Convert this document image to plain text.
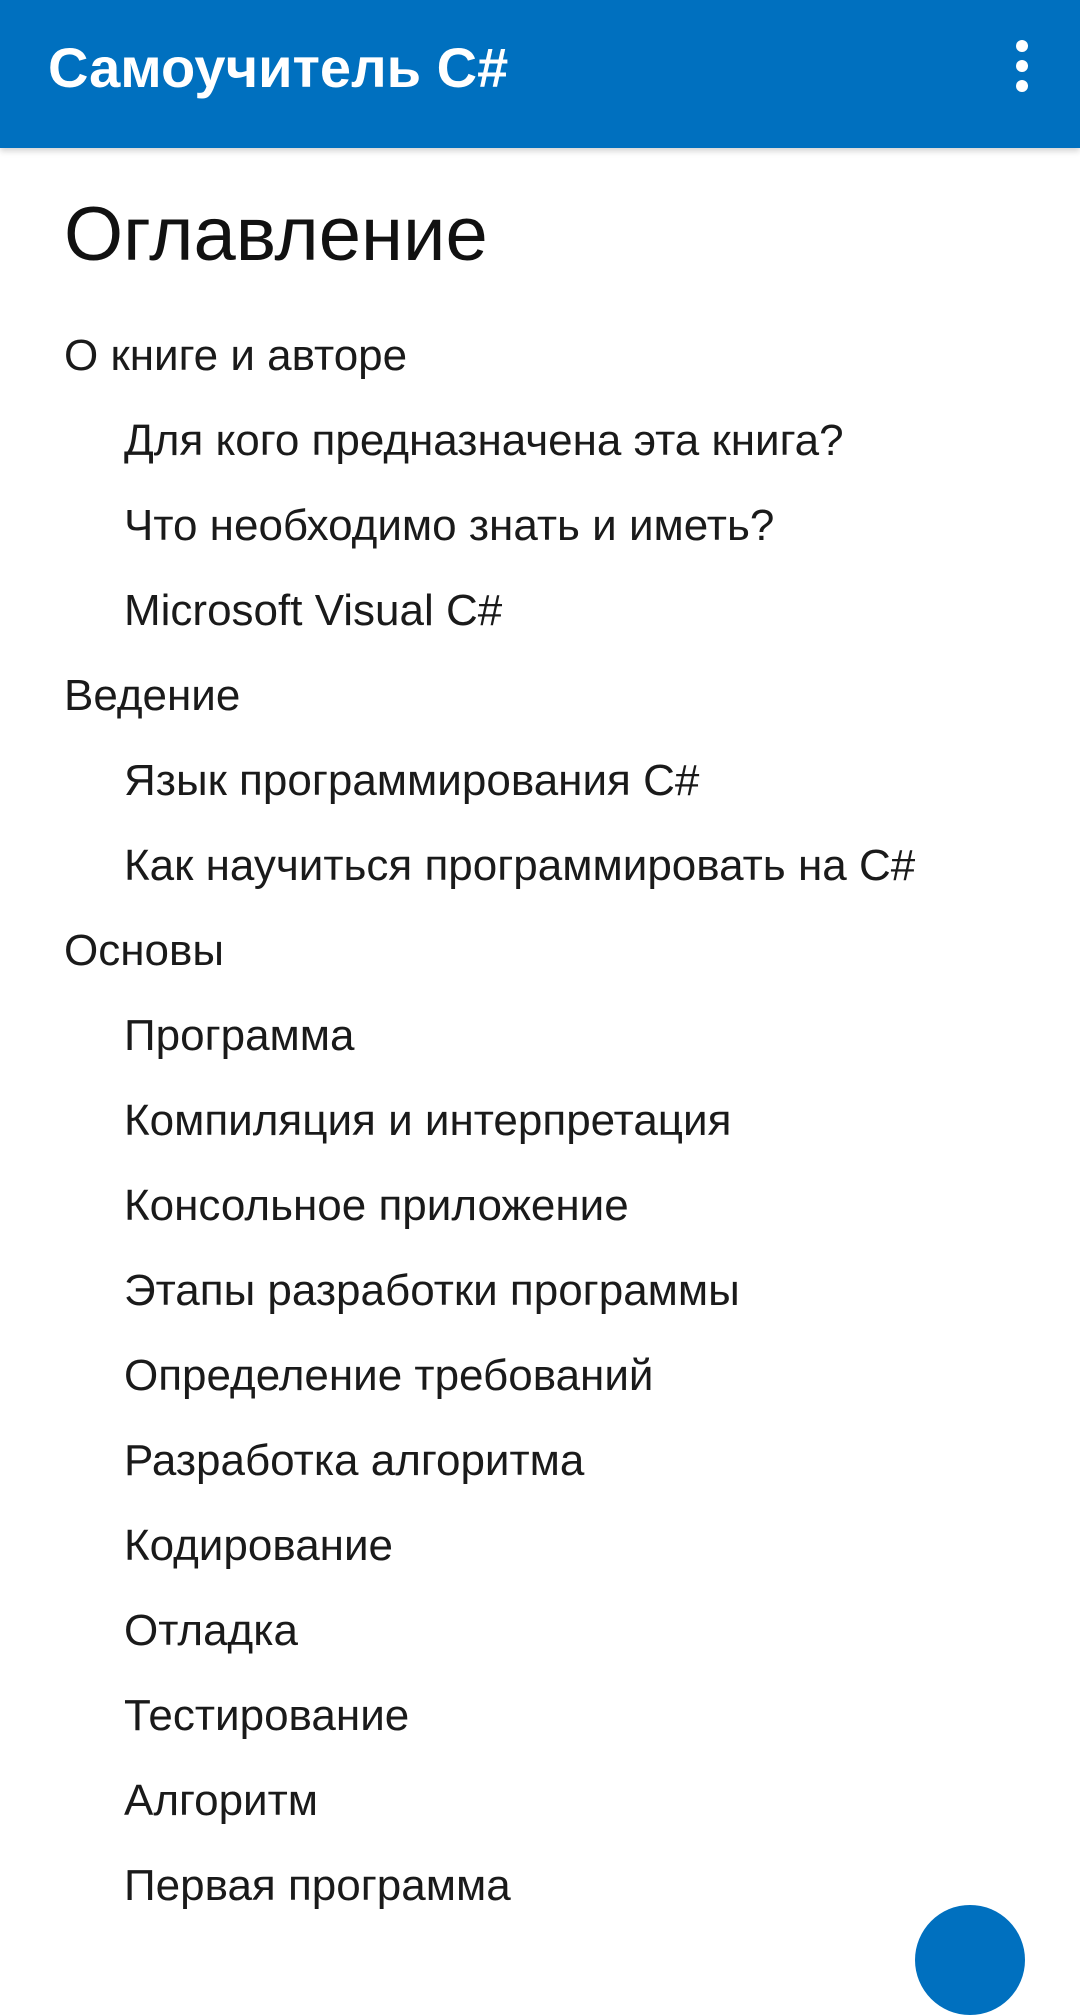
Самоучитель C#
Оглавление
О книге и авторе
Для кого предназначена эта книга?
Что необходимо знать и иметь?
Microsoft Visual C#
Ведение
Язык программирования C#
Как научиться программировать на C#
Основы
Программа
Компиляция и интерпретация
Консольное приложение
Этапы разработки программы
Определение требований
Разработка алгоритма
Кодирование
Отладка
Тестирование
Алгоритм
Первая программа
